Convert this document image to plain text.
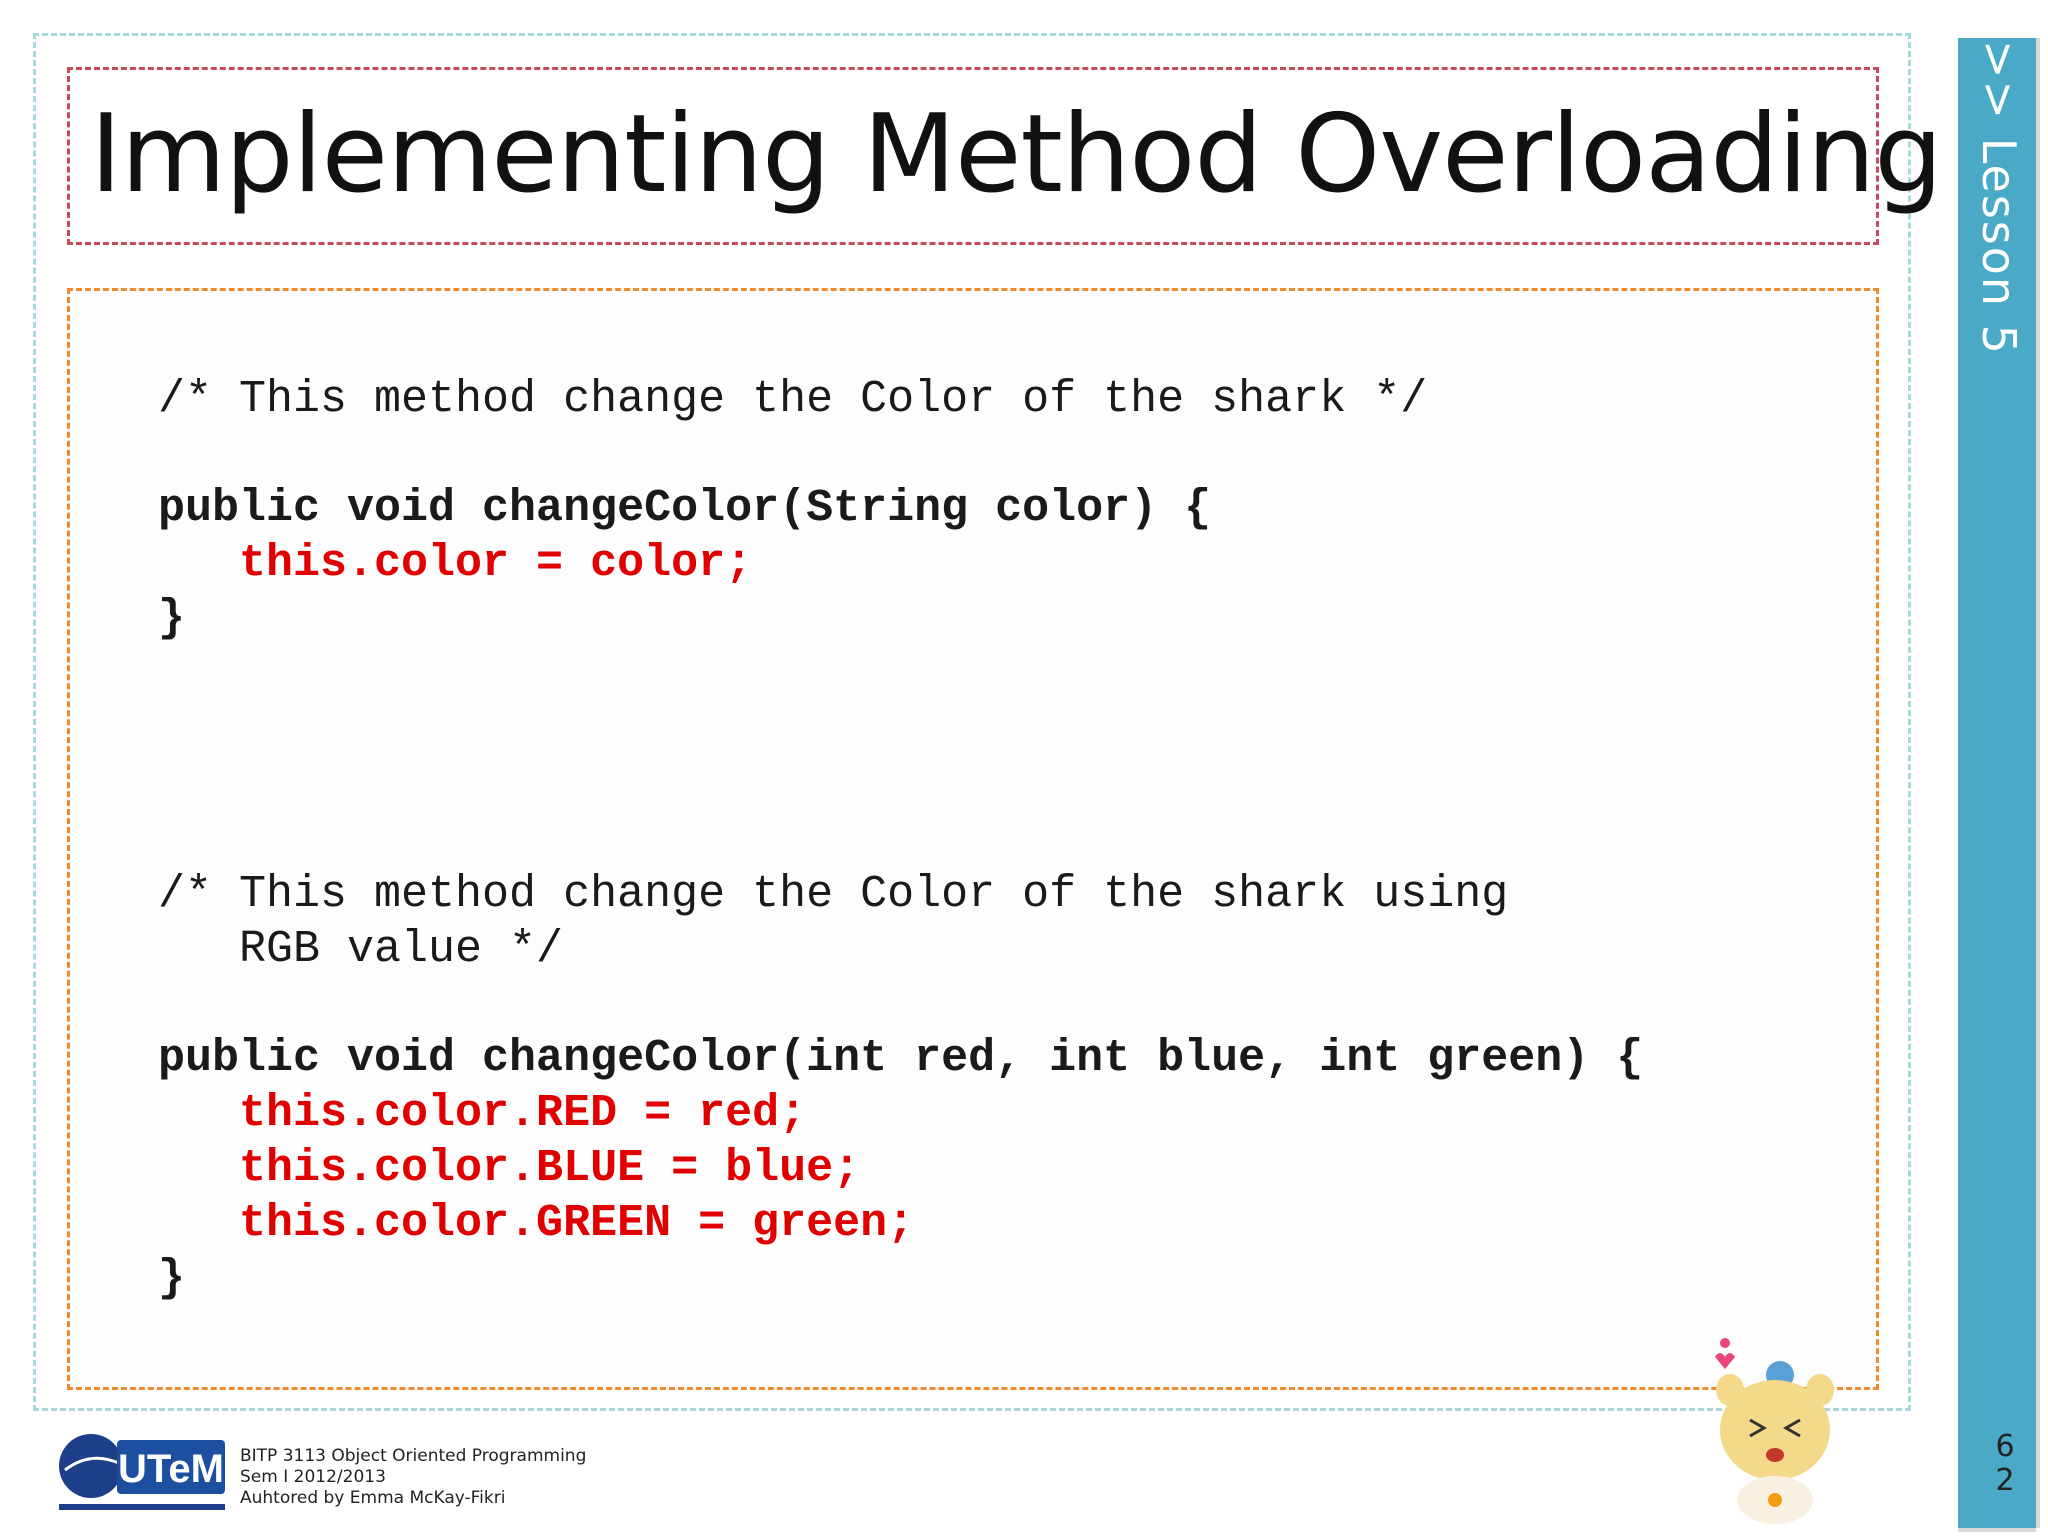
Implementing Method Overloading
/* This method change the Color of the shark */
public void changeColor(String color) {
this.color = color;
}
/* This method change the Color of the shark using
RGB value */
public void changeColor(int red, int blue, int green) {
this.color.RED = red;
this.color.BLUE = blue;
this.color.GREEN = green;
}
>> Lesson 5
6
2
UTeM BITP 3113 Object Oriented Programming
Sem I 2012/2013
Auhtored by Emma McKay-Fikri
